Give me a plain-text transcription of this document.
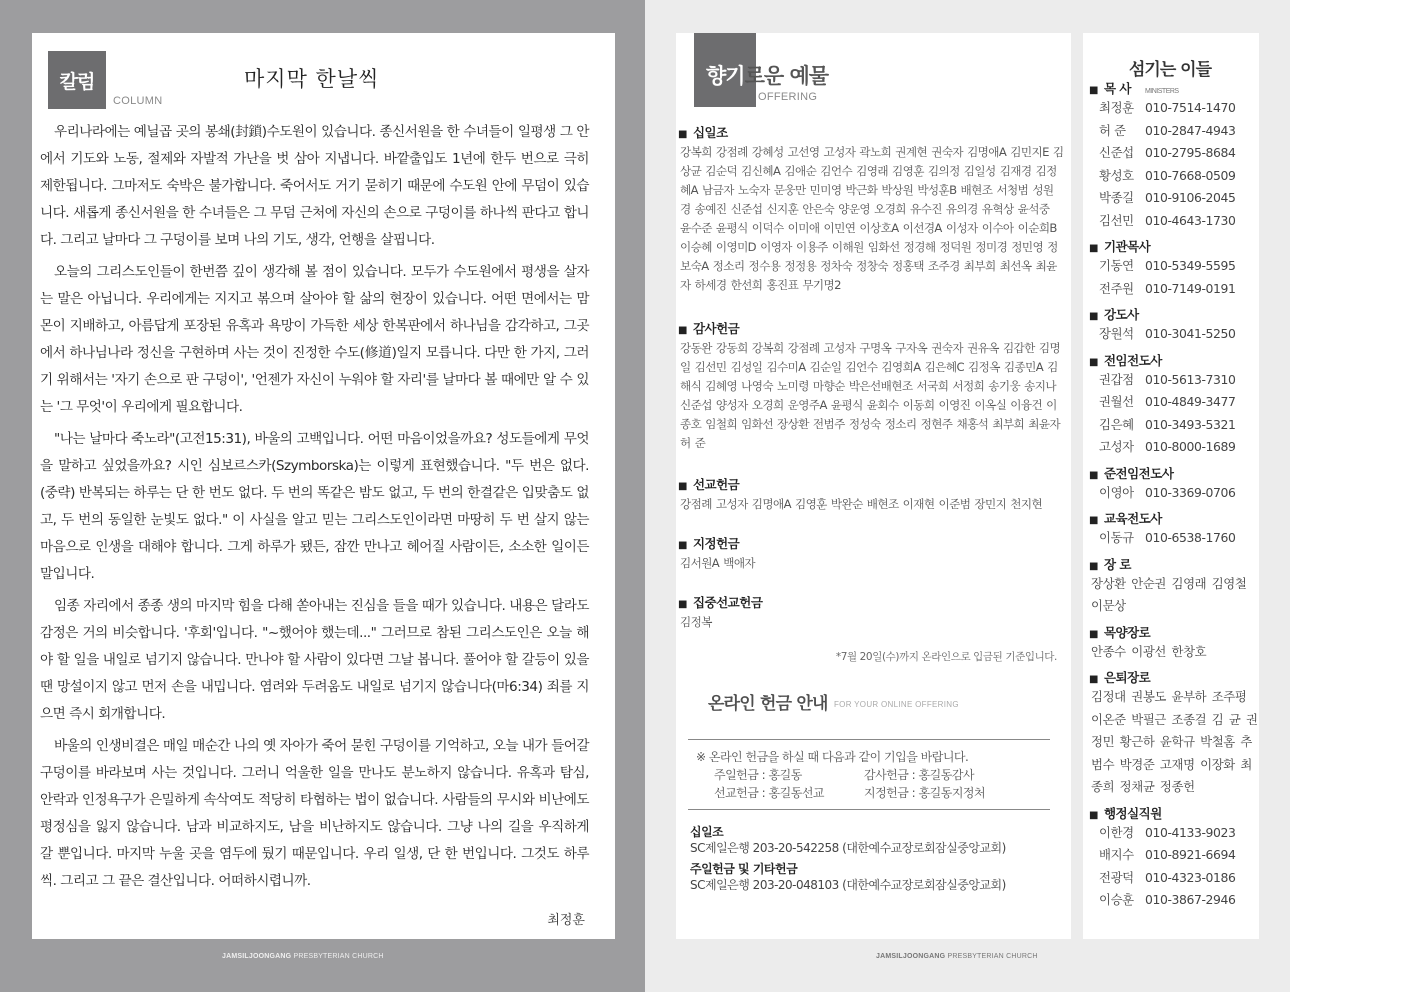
칼럼
COLUMN
마지막 한날씩

우리나라에는 예닐곱 곳의 봉쇄(封鎖)수도원이 있습니다. 종신서원을 한 수녀들이 일평생 그 안에서 기도와 노동, 절제와 자발적 가난을 벗 삼아 지냅니다. 바깥출입도 1년에 한두 번으로 극히 제한됩니다. 그마저도 숙박은 불가합니다. 죽어서도 거기 묻히기 때문에 수도원 안에 무덤이 있습니다. 새롭게 종신서원을 한 수녀들은 그 무덤 근처에 자신의 손으로 구덩이를 하나씩 판다고 합니다. 그리고 날마다 그 구덩이를 보며 나의 기도, 생각, 언행을 살핍니다.

오늘의 그리스도인들이 한번쯤 깊이 생각해 볼 점이 있습니다. 모두가 수도원에서 평생을 살자는 말은 아닙니다. 우리에게는 지지고 볶으며 살아야 할 삶의 현장이 있습니다. 어떤 면에서는 맘몬이 지배하고, 아름답게 포장된 유혹과 욕망이 가득한 세상 한복판에서 하나님을 감각하고, 그곳에서 하나님나라 정신을 구현하며 사는 것이 진정한 수도(修道)일지 모릅니다. 다만 한 가지, 그러기 위해서는 '자기 손으로 판 구덩이', '언젠가 자신이 누워야 할 자리'를 날마다 볼 때에만 알 수 있는 '그 무엇'이 우리에게 필요합니다.

"나는 날마다 죽노라"(고전15:31), 바울의 고백입니다. 어떤 마음이었을까요? 성도들에게 무엇을 말하고 싶었을까요? 시인 심보르스카(Szymborska)는 이렇게 표현했습니다. "두 번은 없다. (중략) 반복되는 하루는 단 한 번도 없다. 두 번의 똑같은 밤도 없고, 두 번의 한결같은 입맞춤도 없고, 두 번의 동일한 눈빛도 없다." 이 사실을 알고 믿는 그리스도인이라면 마땅히 두 번 살지 않는 마음으로 인생을 대해야 합니다. 그게 하루가 됐든, 잠깐 만나고 헤어질 사람이든, 소소한 일이든 말입니다.

임종 자리에서 종종 생의 마지막 힘을 다해 쏟아내는 진심을 들을 때가 있습니다. 내용은 달라도 감정은 거의 비슷합니다. '후회'입니다. "~했어야 했는데..." 그러므로 참된 그리스도인은 오늘 해야 할 일을 내일로 넘기지 않습니다. 만나야 할 사람이 있다면 그날 봅니다. 풀어야 할 갈등이 있을 땐 망설이지 않고 먼저 손을 내밉니다. 염려와 두려움도 내일로 넘기지 않습니다(마6:34) 죄를 지으면 즉시 회개합니다.

바울의 인생비결은 매일 매순간 나의 옛 자아가 죽어 묻힌 구덩이를 기억하고, 오늘 내가 들어갈 구덩이를 바라보며 사는 것입니다. 그러니 억울한 일을 만나도 분노하지 않습니다. 유혹과 탐심, 안락과 인정욕구가 은밀하게 속삭여도 적당히 타협하는 법이 없습니다. 사람들의 무시와 비난에도 평정심을 잃지 않습니다. 남과 비교하지도, 남을 비난하지도 않습니다. 그냥 나의 길을 우직하게 갈 뿐입니다. 마지막 누울 곳을 염두에 뒀기 때문입니다. 우리 일생, 단 한 번입니다. 그것도 하루씩. 그리고 그 끝은 결산입니다. 어떠하시렵니까.

최정훈
JAMSILJOONGANG PRESBYTERIAN CHURCH
향기로운 예물
OFFERING
■ 십일조
강복희 강점례 강혜성 고선영 고성자 곽노희 권계현 권숙자 김명애A 김민지E 김상균 김순덕 김신혜A 김애순 김언수 김영래 김영훈 김의정 김일성 김재경 김정혜A 남금자 노숙자 문웅만 민미영 박근화 박상원 박성훈B 배현조 서청범 성원경 송예진 신준섭 신지훈 안은숙 양운영 오경희 유수진 유의경 유혁상 윤석중 윤수준 윤평식 이덕수 이미애 이민연 이상호A 이선경A 이성자 이수아 이순희B 이승혜 이영미D 이영자 이용주 이해원 임화선 정경해 정덕원 정미경 정민영 정보숙A 정소리 정수용 정정용 정차숙 정창숙 정홍택 조주경 최부희 최선옥 최윤자 하세경 한선희 홍진표 무기명2
■ 감사헌금
강동완 강동희 강복희 강점례 고성자 구명옥 구자옥 권숙자 권유옥 김갑한 김명일 김선민 김성일 김수미A 김순일 김언수 김영희A 김은혜C 김정옥 김종민A 김해식 김혜영 나영숙 노미령 마향순 박은선배현조 서국희 서정희 송기웅 송지나 신준섭 양성자 오경희 운영주A 윤평식 윤회수 이동희 이영진 이옥실 이융건 이종호 임철희 임화선 장상환 전범주 정성숙 정소리 정현주 채홍석 최부희 최윤자 허 준
■ 선교헌금
강점례 고성자 김명애A 김영훈 박완순 배현조 이재현 이준범 장민지 천지현
■ 지정헌금
김서원A 백애자
■ 집중선교헌금
김정복
*7월 20일(수)까지 온라인으로 입금된 기준입니다.
온라인 헌금 안내 FOR YOUR ONLINE OFFERING
※ 온라인 헌금을 하실 때 다음과 같이 기입을 바랍니다.
주일헌금 : 홍길동	감사헌금 : 홍길동감사
선교헌금 : 홍길동선교	지정헌금 : 홍길동지정처
십일조
SC제일은행 203-20-542258 (대한예수교장로회잠실중앙교회)
주일헌금 및 기타헌금
SC제일은행 203-20-048103 (대한예수교장로회잠실중앙교회)
JAMSILJOONGANG PRESBYTERIAN CHURCH
섬기는 이들
■ 목 사 MINISTERS
최정훈 010-7514-1470
허 준 010-2847-4943
신준섭 010-2795-8684
황성호 010-7668-0509
박종길 010-9106-2045
김선민 010-4643-1730
■ 기관목사
기동연 010-5349-5595
전주원 010-7149-0191
■ 강도사
장원석 010-3041-5250
■ 전임전도사
권갑점 010-5613-7310
권월선 010-4849-3477
김은혜 010-3493-5321
고성자 010-8000-1689
■ 준전임전도사
이영아 010-3369-0706
■ 교육전도사
이동규 010-6538-1760
■ 장 로
장상환 안순권 김영래 김영철 이문상
■ 목양장로
안종수 이광선 한창호
■ 은퇴장로
김정대 권봉도 윤부하 조주평 이온준 박필근 조종걸 김 균 권정민 황근하 윤학규 박철홈 추범수 박경준 고재명 이장화 최종희 정채균 정종헌
■ 행정실직원
이한경 010-4133-9023
배지수 010-8921-6694
전광덕 010-4323-0186
이승훈 010-3867-2946
